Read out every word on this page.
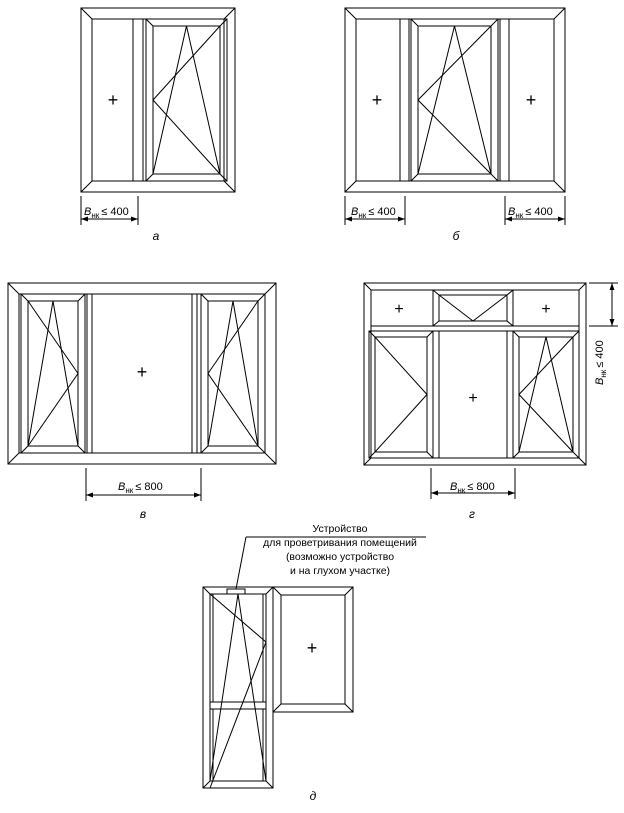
а
+
$B_{нк} \le 400$
б
+	+
$B_{нк} \le 400$	$B_{нк} \le 400$
в
+
$B_{нк} \le 800$
г
+	+
+
$B_{нк} \le 800$
$B_{нк}\le 400$
д
+
Устройство
для проветривания помещений
(возможно устройство
и на глухом участке)
